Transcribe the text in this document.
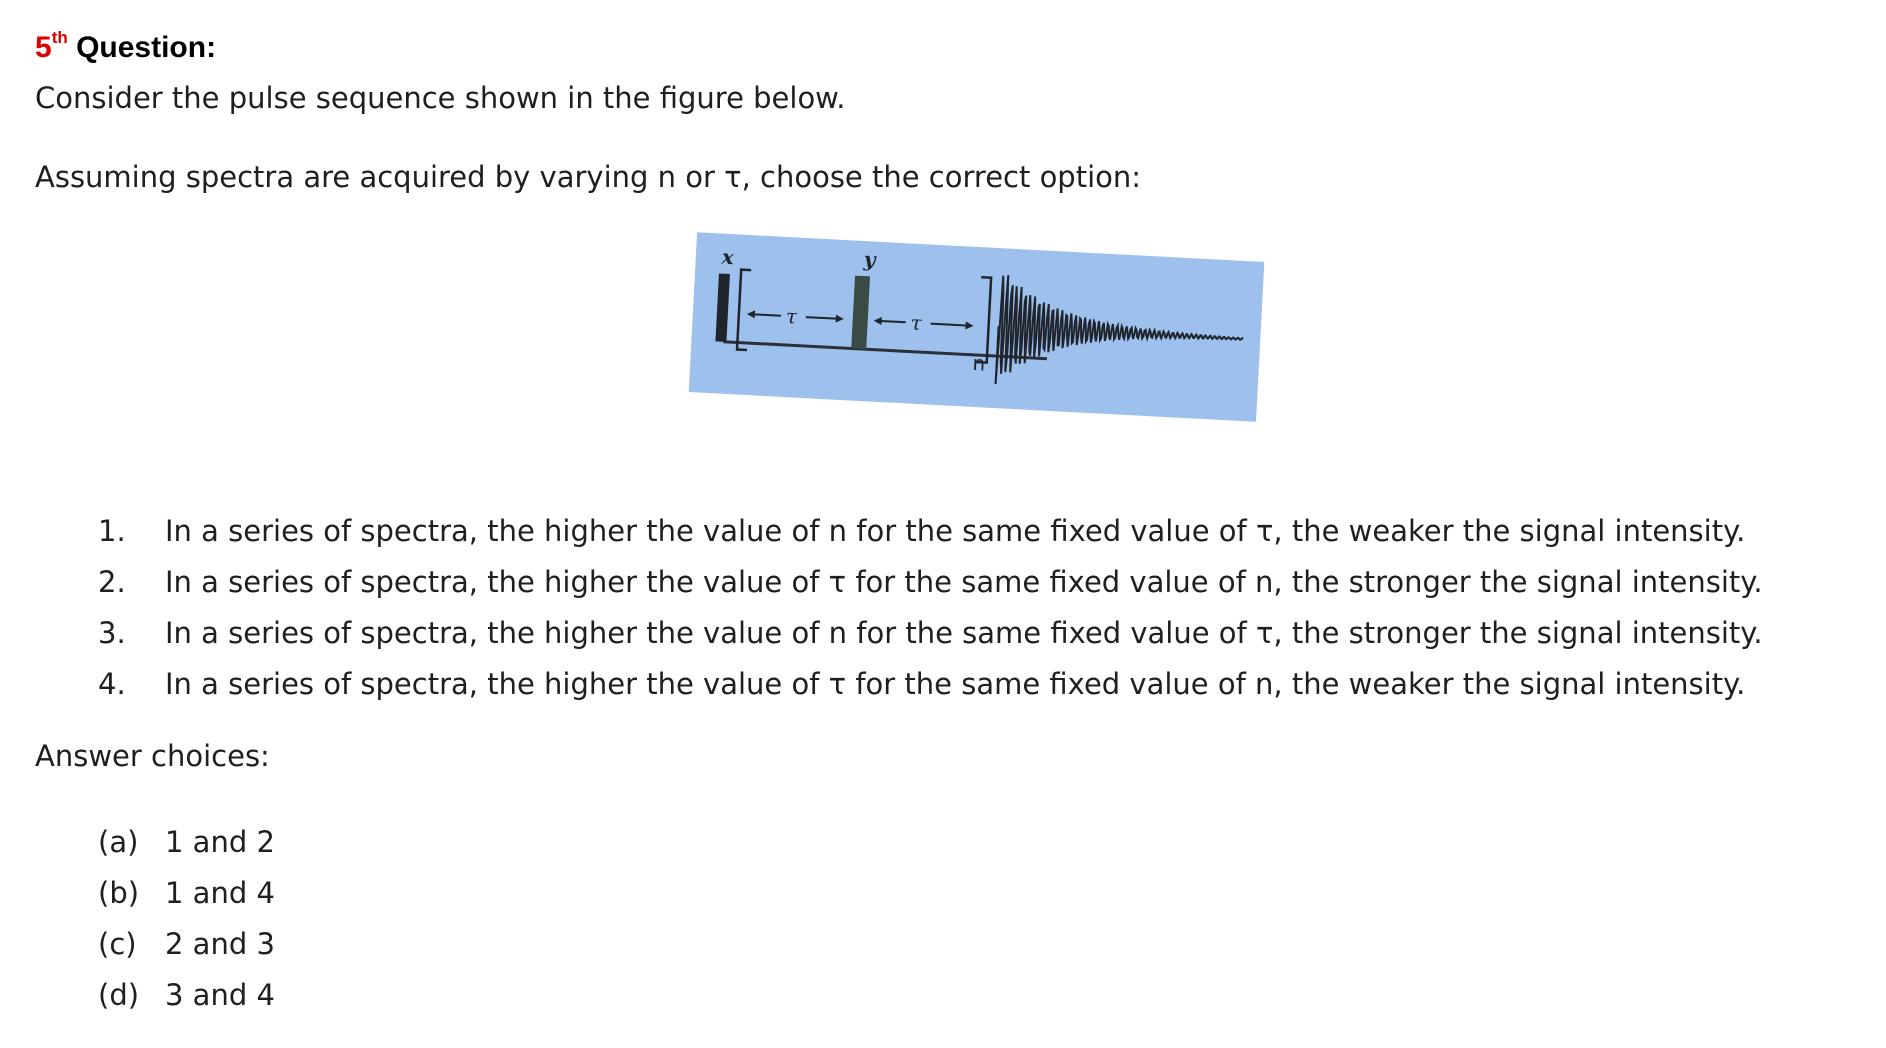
5th Question:
Consider the pulse sequence shown in the figure below.
Assuming spectra are acquired by varying n or τ, choose the correct option:
x
τ
y
τ
n
1.	In a series of spectra, the higher the value of n for the same fixed value of τ, the weaker the signal intensity.
2.	In a series of spectra, the higher the value of τ for the same fixed value of n, the stronger the signal intensity.
3.	In a series of spectra, the higher the value of n for the same fixed value of τ, the stronger the signal intensity.
4.	In a series of spectra, the higher the value of τ for the same fixed value of n, the weaker the signal intensity.
Answer choices:
(a) 1 and 2
(b) 1 and 4
(c) 2 and 3
(d) 3 and 4
